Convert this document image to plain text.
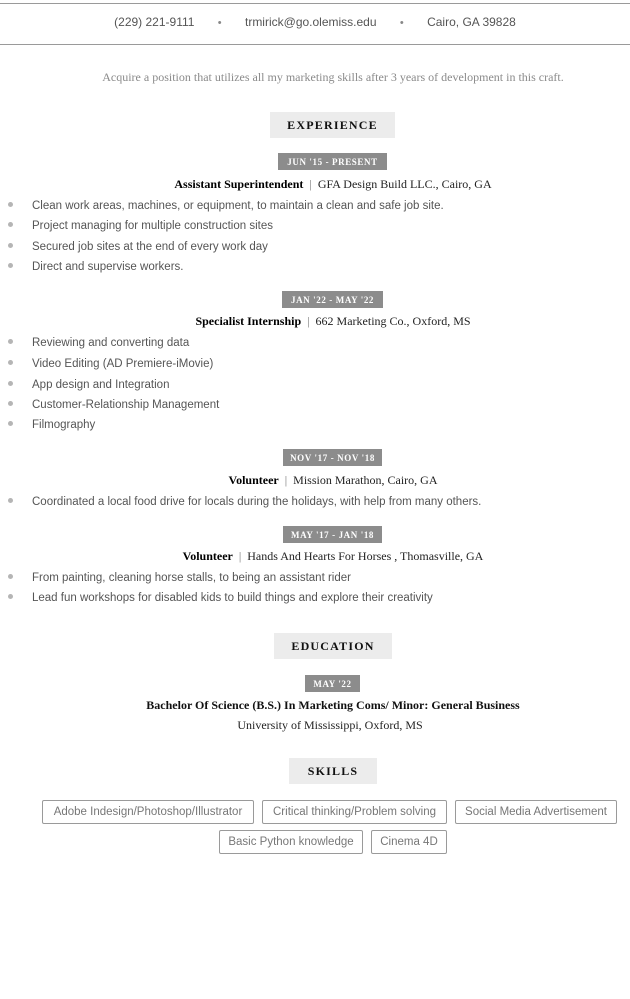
(229) 221-9111 • trmirick@go.olemiss.edu • Cairo, GA 39828
Acquire a position that utilizes all my marketing skills after 3 years of development in this craft.
EXPERIENCE
JUN '15 - PRESENT
Assistant Superintendent | GFA Design Build LLC., Cairo, GA
Clean work areas, machines, or equipment, to maintain a clean and safe job site.
Project managing for multiple construction sites
Secured job sites at the end of every work day
Direct and supervise workers.
JAN '22 - MAY '22
Specialist Internship | 662 Marketing Co., Oxford, MS
Reviewing and converting data
Video Editing (AD Premiere-iMovie)
App design and Integration
Customer-Relationship Management
Filmography
NOV '17 - NOV '18
Volunteer | Mission Marathon, Cairo, GA
Coordinated a local food drive for locals during the holidays, with help from many others.
MAY '17 - JAN '18
Volunteer | Hands And Hearts For Horses , Thomasville, GA
From painting, cleaning horse stalls, to being an assistant rider
Lead fun workshops for disabled kids to build things and explore their creativity
EDUCATION
MAY '22
Bachelor Of Science (B.S.) In Marketing Coms/ Minor: General Business
University of Mississippi, Oxford, MS
SKILLS
Adobe Indesign/Photoshop/Illustrator	Critical thinking/Problem solving	Social Media Advertisement
Basic Python knowledge	Cinema 4D
